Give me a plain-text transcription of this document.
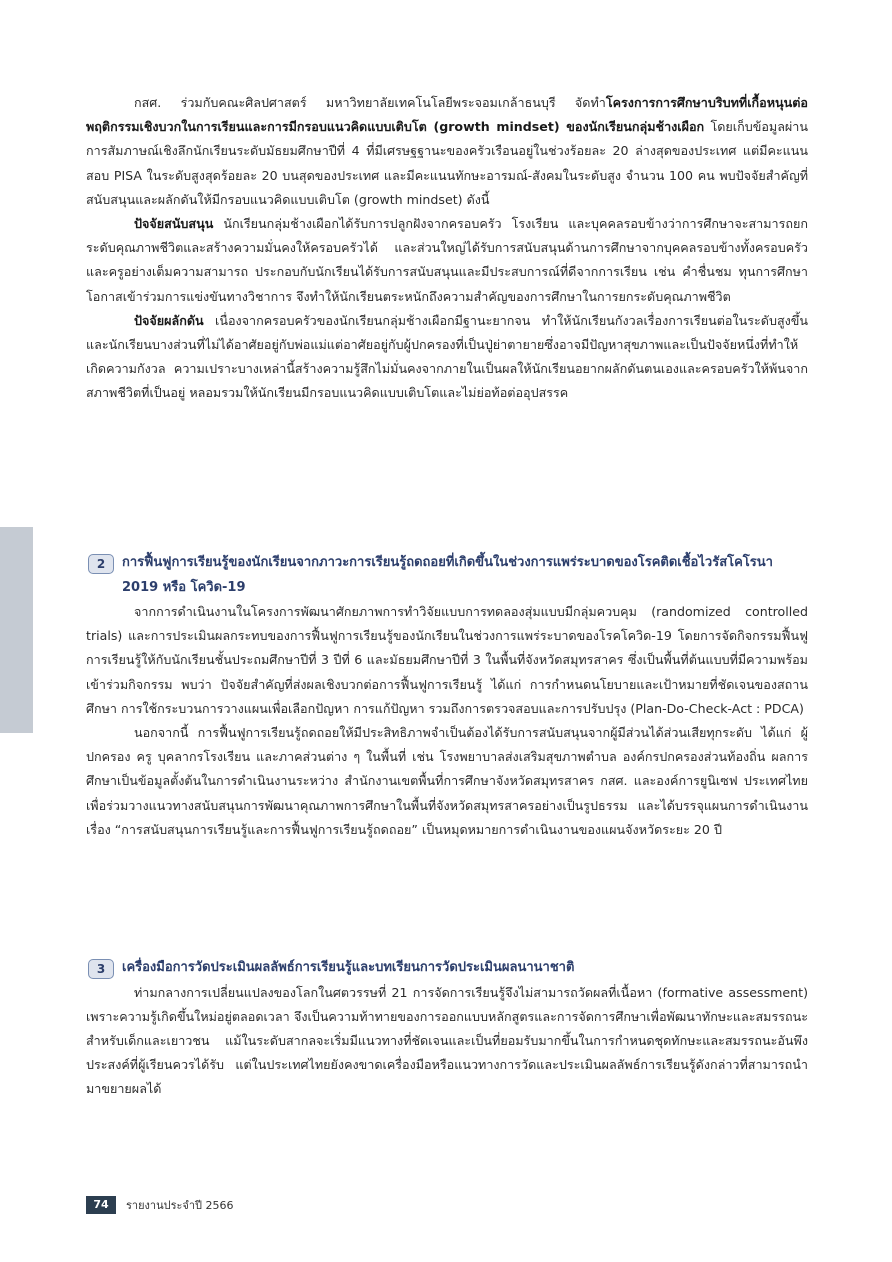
กสศ. ร่วมกับคณะศิลปศาสตร์ มหาวิทยาลัยเทคโนโลยีพระจอมเกล้าธนบุรี จัดทำโครงการการศึกษาบริบทที่เกื้อหนุนต่อพฤติกรรมเชิงบวกในการเรียนและการมีกรอบแนวคิดแบบเติบโต (growth mindset) ของนักเรียนกลุ่มช้างเผือก โดยเก็บข้อมูลผ่านการสัมภาษณ์เชิงลึกนักเรียนระดับมัธยมศึกษาปีที่ 4 ที่มีเศรษฐฐานะของครัวเรือนอยู่ในช่วงร้อยละ 20 ล่างสุดของประเทศ แต่มีคะแนนสอบ PISA ในระดับสูงสุดร้อยละ 20 บนสุดของประเทศ และมีคะแนนทักษะอารมณ์-สังคมในระดับสูง จำนวน 100 คน พบปัจจัยสำคัญที่สนับสนุนและผลักดันให้มีกรอบแนวคิดแบบเติบโต (growth mindset) ดังนี้

ปัจจัยสนับสนุน นักเรียนกลุ่มช้างเผือกได้รับการปลูกฝังจากครอบครัว โรงเรียน และบุคคลรอบข้างว่าการศึกษาจะสามารถยกระดับคุณภาพชีวิตและสร้างความมั่นคงให้ครอบครัวได้ และส่วนใหญ่ได้รับการสนับสนุนด้านการศึกษาจากบุคคลรอบข้างทั้งครอบครัวและครูอย่างเต็มความสามารถ ประกอบกับนักเรียนได้รับการสนับสนุนและมีประสบการณ์ที่ดีจากการเรียน เช่น คำชื่นชม ทุนการศึกษา โอกาสเข้าร่วมการแข่งขันทางวิชาการ จึงทำให้นักเรียนตระหนักถึงความสำคัญของการศึกษาในการยกระดับคุณภาพชีวิต

ปัจจัยผลักดัน เนื่องจากครอบครัวของนักเรียนกลุ่มช้างเผือกมีฐานะยากจน ทำให้นักเรียนกังวลเรื่องการเรียนต่อในระดับสูงขึ้น และนักเรียนบางส่วนที่ไม่ได้อาศัยอยู่กับพ่อแม่แต่อาศัยอยู่กับผู้ปกครองที่เป็นปู่ย่าตายายซึ่งอาจมีปัญหาสุขภาพและเป็นปัจจัยหนึ่งที่ทำให้เกิดความกังวล ความเปราะบางเหล่านี้สร้างความรู้สึกไม่มั่นคงจากภายในเป็นผลให้นักเรียนอยากผลักดันตนเองและครอบครัวให้พ้นจากสภาพชีวิตที่เป็นอยู่ หลอมรวมให้นักเรียนมีกรอบแนวคิดแบบเติบโตและไม่ย่อท้อต่ออุปสรรค

2	การฟื้นฟูการเรียนรู้ของนักเรียนจากภาวะการเรียนรู้ถดถอยที่เกิดขึ้นในช่วงการแพร่ระบาดของโรคติดเชื้อไวรัสโคโรนา 2019 หรือ โควิด-19

จากการดำเนินงานในโครงการพัฒนาศักยภาพการทำวิจัยแบบการทดลองสุ่มแบบมีกลุ่มควบคุม (randomized controlled trials) และการประเมินผลกระทบของการฟื้นฟูการเรียนรู้ของนักเรียนในช่วงการแพร่ระบาดของโรคโควิด-19 โดยการจัดกิจกรรมฟื้นฟูการเรียนรู้ให้กับนักเรียนชั้นประถมศึกษาปีที่ 3 ปีที่ 6 และมัธยมศึกษาปีที่ 3 ในพื้นที่จังหวัดสมุทรสาคร ซึ่งเป็นพื้นที่ต้นแบบที่มีความพร้อมเข้าร่วมกิจกรรม พบว่า ปัจจัยสำคัญที่ส่งผลเชิงบวกต่อการฟื้นฟูการเรียนรู้ ได้แก่ การกำหนดนโยบายและเป้าหมายที่ชัดเจนของสถานศึกษา การใช้กระบวนการวางแผนเพื่อเลือกปัญหา การแก้ปัญหา รวมถึงการตรวจสอบและการปรับปรุง (Plan-Do-Check-Act : PDCA)

นอกจากนี้ การฟื้นฟูการเรียนรู้ถดถอยให้มีประสิทธิภาพจำเป็นต้องได้รับการสนับสนุนจากผู้มีส่วนได้ส่วนเสียทุกระดับ ได้แก่ ผู้ปกครอง ครู บุคลากรโรงเรียน และภาคส่วนต่าง ๆ ในพื้นที่ เช่น โรงพยาบาลส่งเสริมสุขภาพตำบล องค์กรปกครองส่วนท้องถิ่น ผลการศึกษาเป็นข้อมูลตั้งต้นในการดำเนินงานระหว่าง สำนักงานเขตพื้นที่การศึกษาจังหวัดสมุทรสาคร กสศ. และองค์การยูนิเซฟ ประเทศไทย เพื่อร่วมวางแนวทางสนับสนุนการพัฒนาคุณภาพการศึกษาในพื้นที่จังหวัดสมุทรสาครอย่างเป็นรูปธรรม และได้บรรจุแผนการดำเนินงานเรื่อง “การสนับสนุนการเรียนรู้และการฟื้นฟูการเรียนรู้ถดถอย” เป็นหมุดหมายการดำเนินงานของแผนจังหวัดระยะ 20 ปี

3	เครื่องมือการวัดประเมินผลลัพธ์การเรียนรู้และบทเรียนการวัดประเมินผลนานาชาติ

ท่ามกลางการเปลี่ยนแปลงของโลกในศตวรรษที่ 21 การจัดการเรียนรู้จึงไม่สามารถวัดผลที่เนื้อหา (formative assessment) เพราะความรู้เกิดขึ้นใหม่อยู่ตลอดเวลา จึงเป็นความท้าทายของการออกแบบหลักสูตรและการจัดการศึกษาเพื่อพัฒนาทักษะและสมรรถนะสำหรับเด็กและเยาวชน แม้ในระดับสากลจะเริ่มมีแนวทางที่ชัดเจนและเป็นที่ยอมรับมากขึ้นในการกำหนดชุดทักษะและสมรรถนะอันพึงประสงค์ที่ผู้เรียนควรได้รับ แต่ในประเทศไทยยังคงขาดเครื่องมือหรือแนวทางการวัดและประเมินผลลัพธ์การเรียนรู้ดังกล่าวที่สามารถนำมาขยายผลได้

74	รายงานประจำปี 2566
